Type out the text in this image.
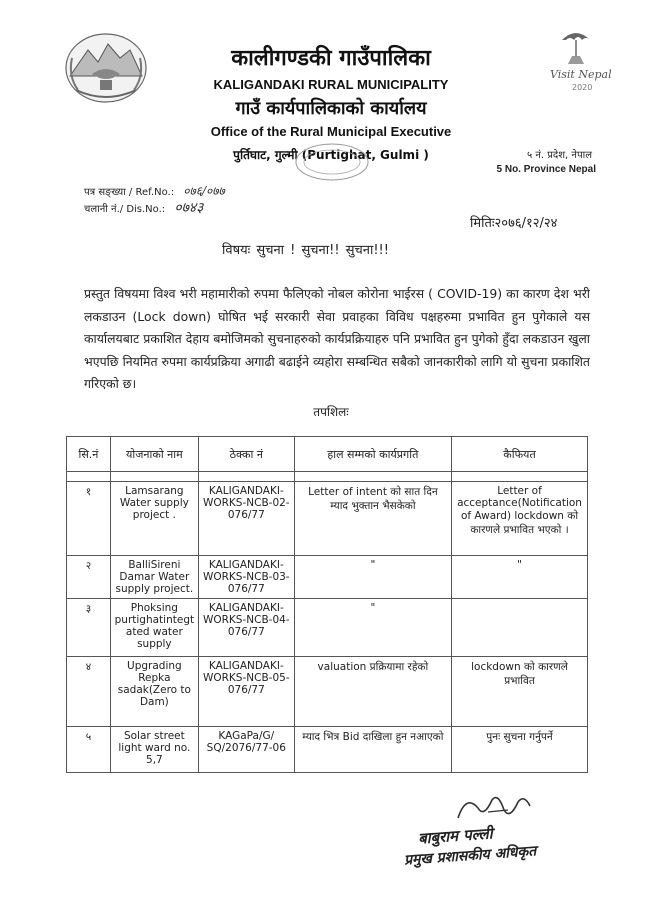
Visit Nepal
2020
कालीगण्डकी गाउँपालिका
KALIGANDAKI RURAL MUNICIPALITY
गाउँ कार्यपालिकाको कार्यालय
Office of the Rural Municipal Executive
पुर्तिघाट, गुल्मी (Purtighat, Gulmi )	५ नं. प्रदेश, नेपाल
5 No. Province Nepal
पत्र सङ्ख्या / Ref.No.: ०७६/०७७
चलानी नं./ Dis.No.: ०७४३
मितिः२०७६/१२/२४
विषयः सुचना ! सुचना!! सुचना!!!
प्रस्तुत विषयमा विश्व भरी महामारीको रुपमा फैलिएको नोबल कोरोना भाईरस ( COVID-19) का कारण देश भरी लकडाउन (Lock down) घोषित भई सरकारी सेवा प्रवाहका विविध पक्षहरुमा प्रभावित हुन पुगेकाले यस कार्यालयबाट प्रकाशित देहाय बमोजिमको सुचनाहरुको कार्यप्रक्रियाहरु पनि प्रभावित हुन पुगेको हुँदा लकडाउन खुला भएपछि नियमित रुपमा कार्यप्रक्रिया अगाढी बढाईने व्यहोरा सम्बन्धित सबैको जानकारीको लागि यो सुचना प्रकाशित गरिएको छ।
तपशिलः
सि.नं	योजनाको नाम	ठेक्का नं	हाल सम्मको कार्यप्रगति	कैफियत

१	Lamsarang Water supply project .	KALIGANDAKI-WORKS-NCB-02-076/77	Letter of intent को सात दिन म्याद भुक्तान भैसकेको	Letter of acceptance(Notification of Award) lockdown को कारणले प्रभावित भएको ।
२	BalliSireni Damar Water supply project.	KALIGANDAKI-WORKS-NCB-03-076/77	"	"
३	Phoksing purtighatintegt ated water supply	KALIGANDAKI-WORKS-NCB-04-076/77	"	
४	Upgrading Repka sadak(Zero to Dam)	KALIGANDAKI-WORKS-NCB-05-076/77	valuation प्रक्रियामा रहेको	lockdown को कारणले प्रभावित
५	Solar street light ward no. 5,7	KAGaPa/G/ SQ/2076/77-06	म्याद भित्र Bid दाखिला हुन नआएको	पुनः सुचना गर्नुपर्ने
बाबुराम पल्ली
प्रमुख प्रशासकीय अधिकृत
